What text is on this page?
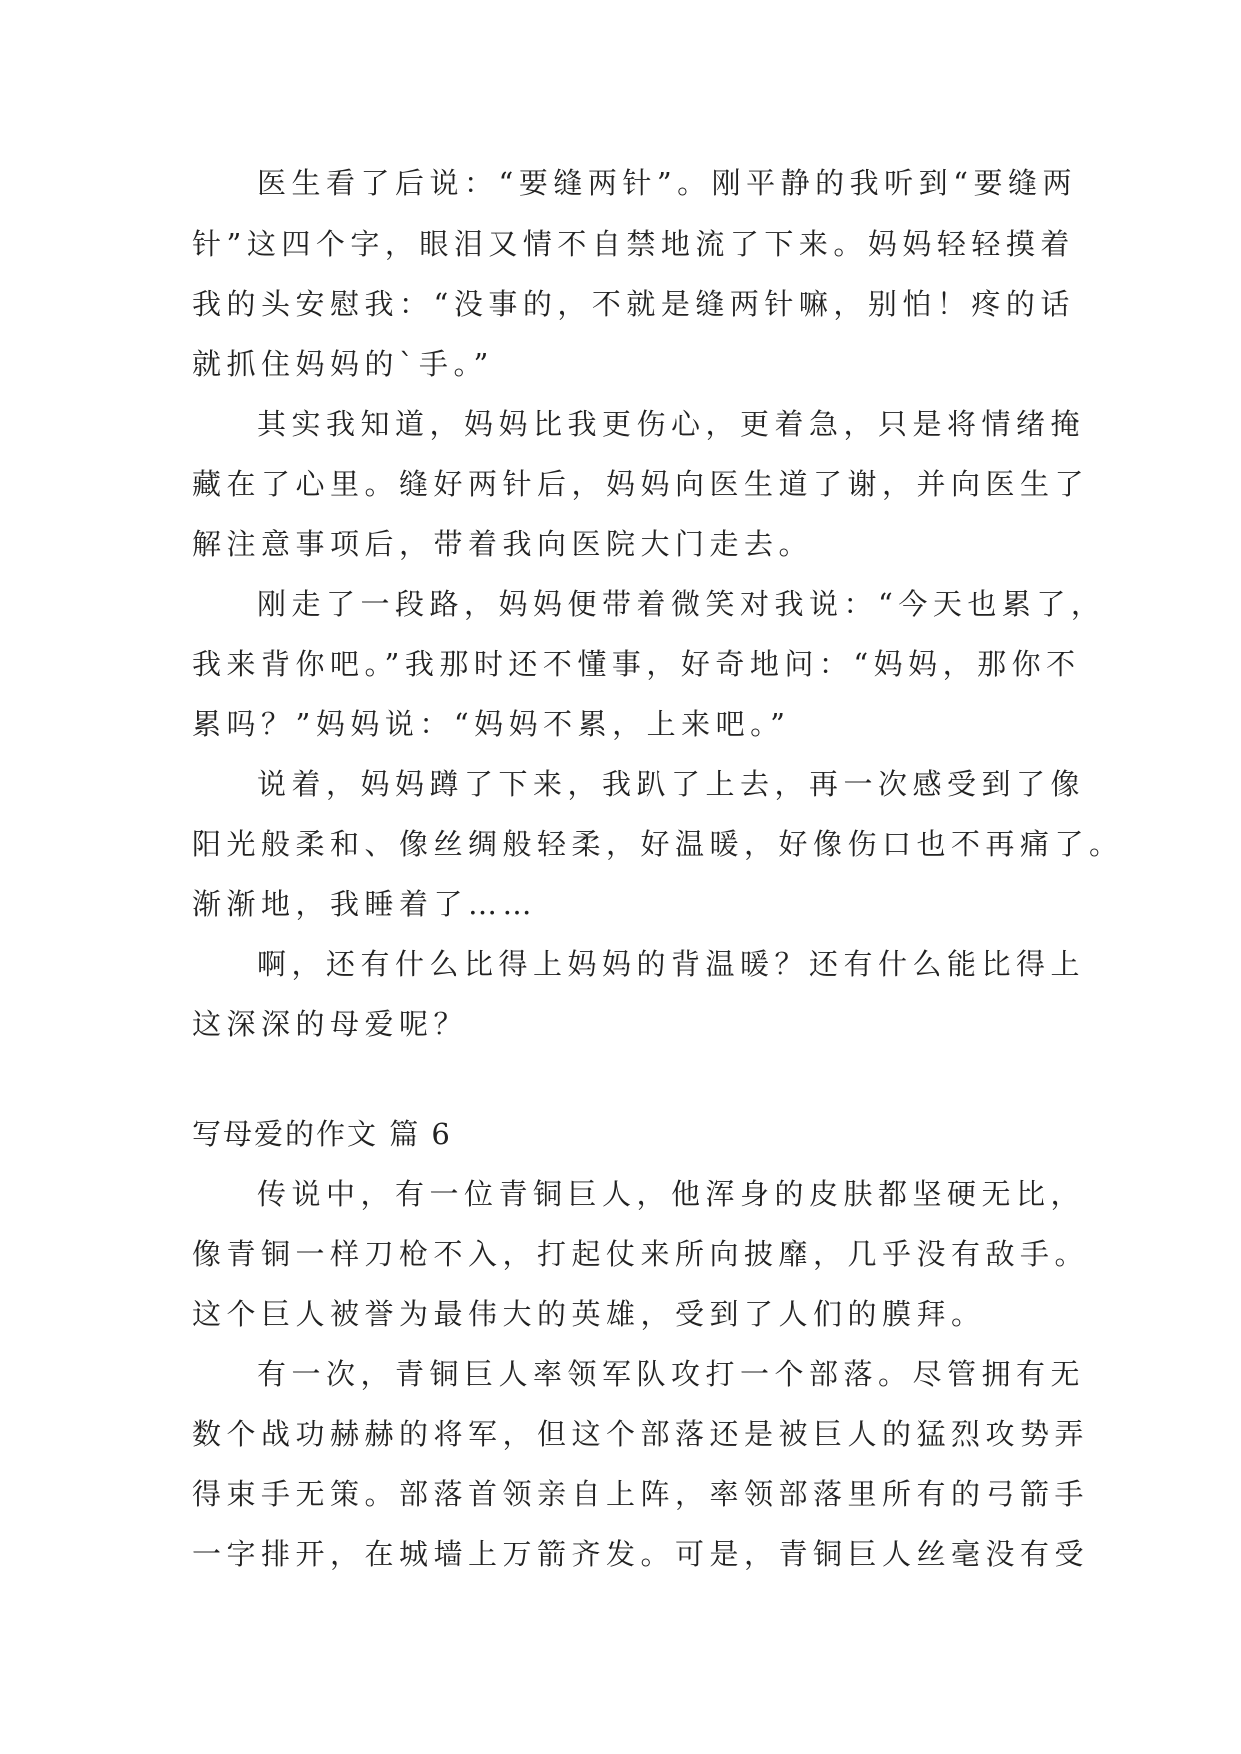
医生看了后说：“要缝两针”。刚平静的我听到“要缝两
针”这四个字，眼泪又情不自禁地流了下来。妈妈轻轻摸着
我的头安慰我：“没事的，不就是缝两针嘛，别怕！疼的话
就抓住妈妈的`手。”
其实我知道，妈妈比我更伤心，更着急，只是将情绪掩
藏在了心里。缝好两针后，妈妈向医生道了谢，并向医生了
解注意事项后，带着我向医院大门走去。
刚走了一段路，妈妈便带着微笑对我说：“今天也累了，
我来背你吧。”我那时还不懂事，好奇地问：“妈妈，那你不
累吗？”妈妈说：“妈妈不累，上来吧。”
说着，妈妈蹲了下来，我趴了上去，再一次感受到了像
阳光般柔和、像丝绸般轻柔，好温暖，好像伤口也不再痛了。
渐渐地，我睡着了……
啊，还有什么比得上妈妈的背温暖？还有什么能比得上
这深深的母爱呢？
写母爱的作文 篇 6
传说中，有一位青铜巨人，他浑身的皮肤都坚硬无比，
像青铜一样刀枪不入，打起仗来所向披靡，几乎没有敌手。
这个巨人被誉为最伟大的英雄，受到了人们的膜拜。
有一次，青铜巨人率领军队攻打一个部落。尽管拥有无
数个战功赫赫的将军，但这个部落还是被巨人的猛烈攻势弄
得束手无策。部落首领亲自上阵，率领部落里所有的弓箭手
一字排开，在城墙上万箭齐发。可是，青铜巨人丝毫没有受
